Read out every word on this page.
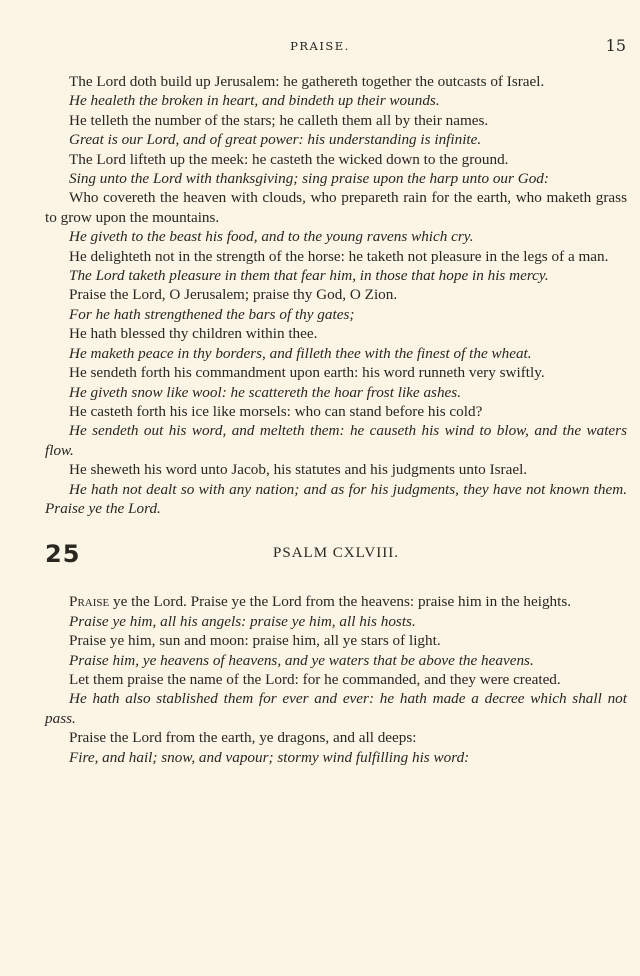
PRAISE.	15

The Lord doth build up Jerusalem: he gathereth together the outcasts of Israel.

He healeth the broken in heart, and bindeth up their wounds.

He telleth the number of the stars; he calleth them all by their names.

Great is our Lord, and of great power: his understanding is infinite.

The Lord lifteth up the meek: he casteth the wicked down to the ground.

Sing unto the Lord with thanksgiving; sing praise upon the harp unto our God:

Who covereth the heaven with clouds, who prepareth rain for the earth, who maketh grass to grow upon the mountains.

He giveth to the beast his food, and to the young ravens which cry.

He delighteth not in the strength of the horse: he taketh not pleasure in the legs of a man.

The Lord taketh pleasure in them that fear him, in those that hope in his mercy.

Praise the Lord, O Jerusalem; praise thy God, O Zion.

For he hath strengthened the bars of thy gates;

He hath blessed thy children within thee.

He maketh peace in thy borders, and filleth thee with the finest of the wheat.

He sendeth forth his commandment upon earth: his word runneth very swiftly.

He giveth snow like wool: he scattereth the hoar frost like ashes.

He casteth forth his ice like morsels: who can stand before his cold?

He sendeth out his word, and melteth them: he causeth his wind to blow, and the waters flow.

He sheweth his word unto Jacob, his statutes and his judgments unto Israel.

He hath not dealt so with any nation; and as for his judgments, they have not known them. Praise ye the Lord.

25	PSALM CXLVIII.

Praise ye the Lord. Praise ye the Lord from the heavens: praise him in the heights.

Praise ye him, all his angels: praise ye him, all his hosts.

Praise ye him, sun and moon: praise him, all ye stars of light.

Praise him, ye heavens of heavens, and ye waters that be above the heavens.

Let them praise the name of the Lord: for he commanded, and they were created.

He hath also stablished them for ever and ever: he hath made a decree which shall not pass.

Praise the Lord from the earth, ye dragons, and all deeps:

Fire, and hail; snow, and vapour; stormy wind fulfilling his word:
